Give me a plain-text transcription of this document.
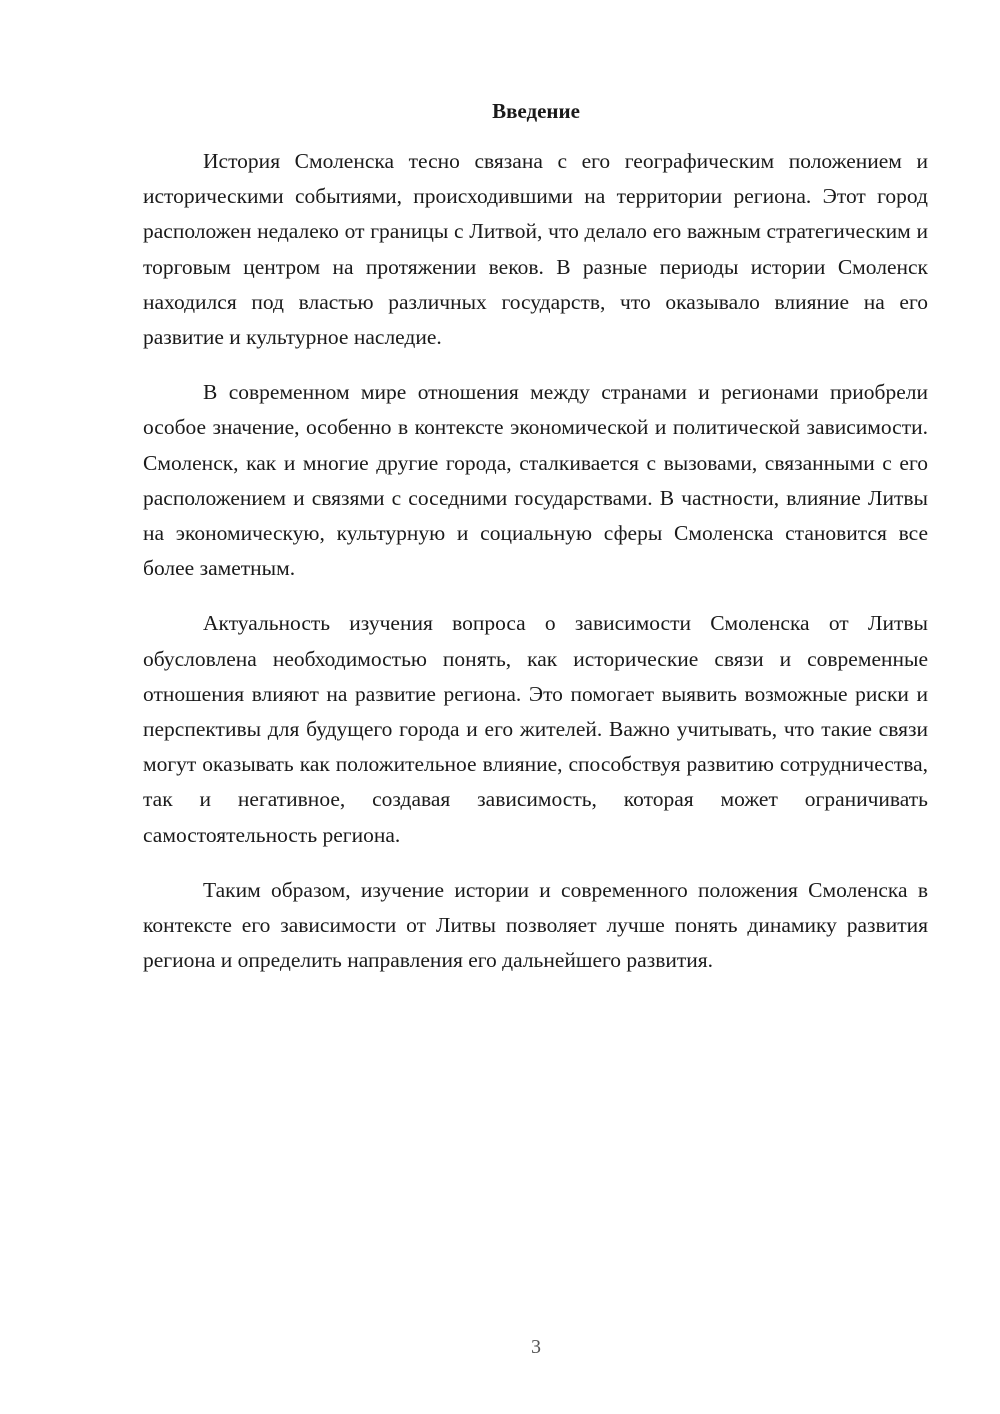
Введение

История Смоленска тесно связана с его географическим положением и историческими событиями, происходившими на территории региона. Этот город расположен недалеко от границы с Литвой, что делало его важным стратегическим и торговым центром на протяжении веков. В разные периоды истории Смоленск находился под властью различных государств, что оказывало влияние на его развитие и культурное наследие.

В современном мире отношения между странами и регионами приобрели особое значение, особенно в контексте экономической и политической зависимости. Смоленск, как и многие другие города, сталкивается с вызовами, связанными с его расположением и связями с соседними государствами. В частности, влияние Литвы на экономическую, культурную и социальную сферы Смоленска становится все более заметным.

Актуальность изучения вопроса о зависимости Смоленска от Литвы обусловлена необходимостью понять, как исторические связи и современные отношения влияют на развитие региона. Это помогает выявить возможные риски и перспективы для будущего города и его жителей. Важно учитывать, что такие связи могут оказывать как положительное влияние, способствуя развитию сотрудничества, так и негативное, создавая зависимость, которая может ограничивать самостоятельность региона.

Таким образом, изучение истории и современного положения Смоленска в контексте его зависимости от Литвы позволяет лучше понять динамику развития региона и определить направления его дальнейшего развития.

3
